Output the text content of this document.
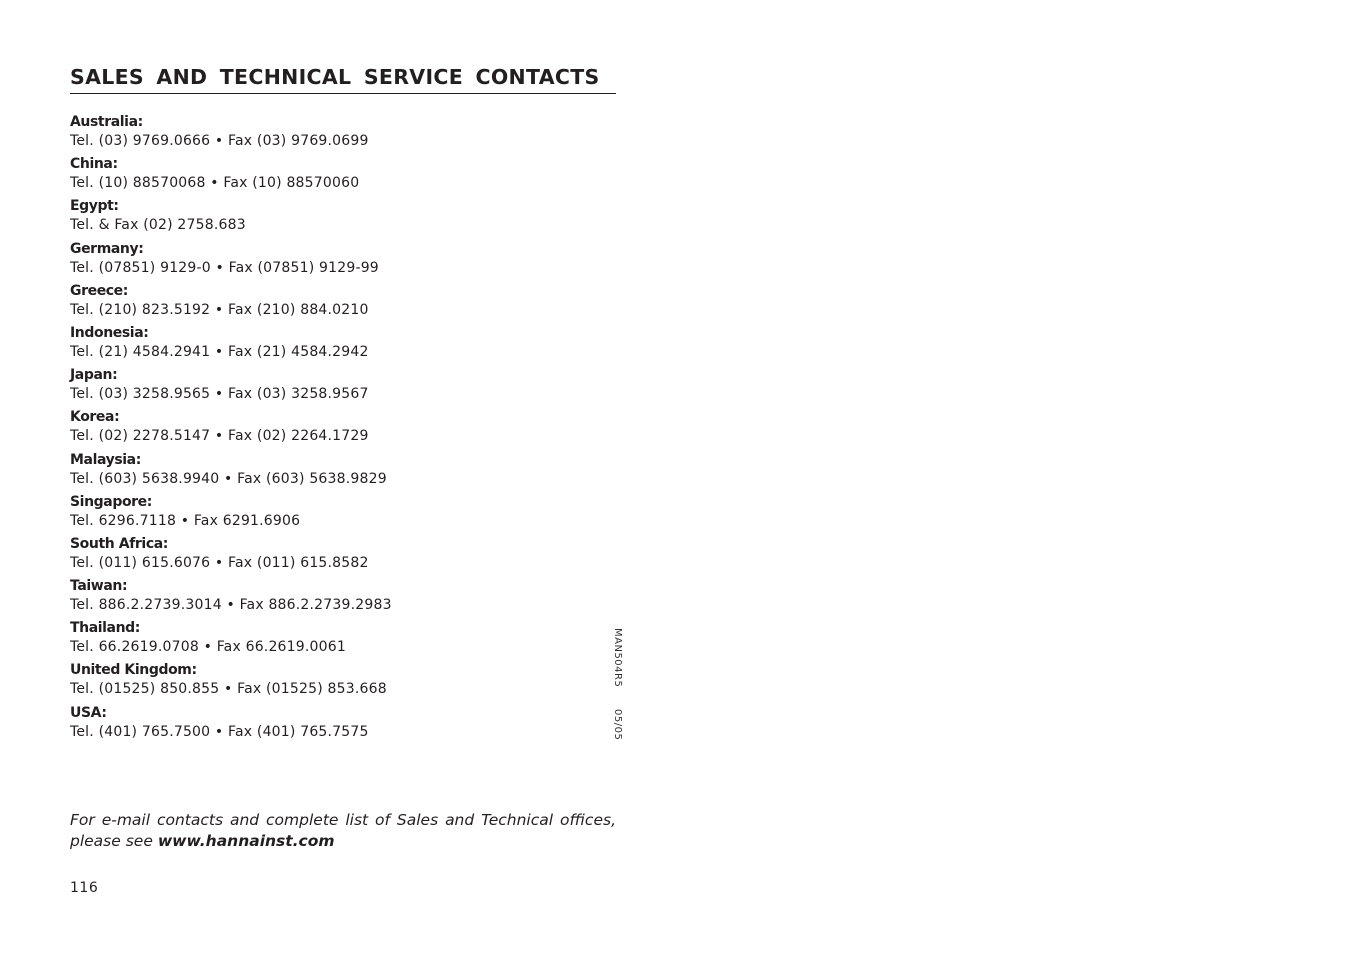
SALES AND TECHNICAL SERVICE CONTACTS
Australia:
Tel. (03) 9769.0666 • Fax (03) 9769.0699
China:
Tel. (10) 88570068 • Fax (10) 88570060
Egypt:
Tel. & Fax (02) 2758.683
Germany:
Tel. (07851) 9129-0 • Fax (07851) 9129-99
Greece:
Tel. (210) 823.5192 • Fax (210) 884.0210
Indonesia:
Tel. (21) 4584.2941 • Fax (21) 4584.2942
Japan:
Tel. (03) 3258.9565 • Fax (03) 3258.9567
Korea:
Tel. (02) 2278.5147 • Fax (02) 2264.1729
Malaysia:
Tel. (603) 5638.9940 • Fax (603) 5638.9829
Singapore:
Tel. 6296.7118 • Fax 6291.6906
South Africa:
Tel. (011) 615.6076 • Fax (011) 615.8582
Taiwan:
Tel. 886.2.2739.3014 • Fax 886.2.2739.2983
Thailand:
Tel. 66.2619.0708 • Fax 66.2619.0061
United Kingdom:
Tel. (01525) 850.855 • Fax (01525) 853.668
USA:
Tel. (401) 765.7500 • Fax (401) 765.7575
MAN504R5
05/05
For e-mail contacts and complete list of Sales and Technical offices, please see www.hannainst.com
116
